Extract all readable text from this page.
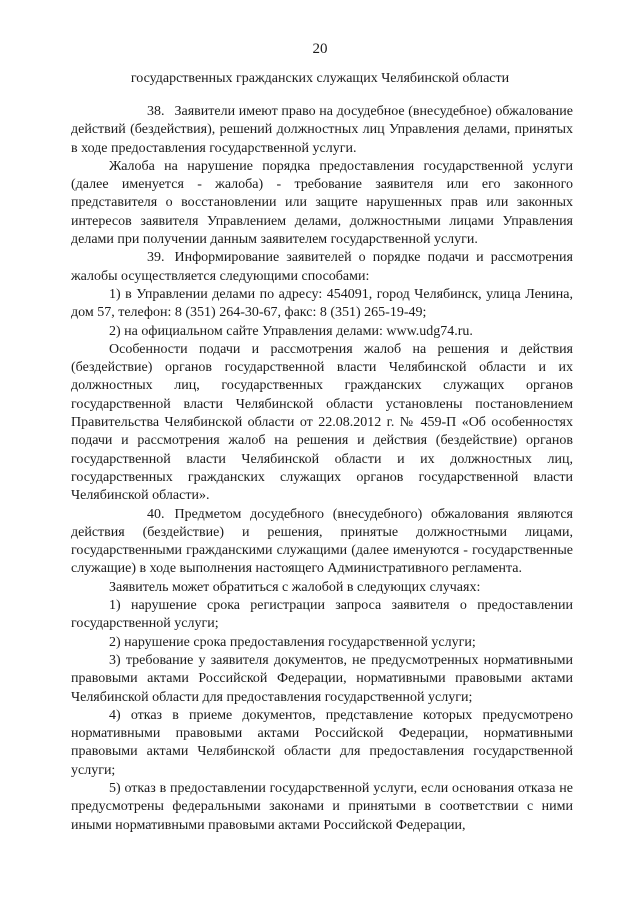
20
государственных гражданских служащих Челябинской области

38. Заявители имеют право на досудебное (внесудебное) обжалование действий (бездействия), решений должностных лиц Управления делами, принятых в ходе предоставления государственной услуги.

Жалоба на нарушение порядка предоставления государственной услуги (далее именуется - жалоба) - требование заявителя или его законного представителя о восстановлении или защите нарушенных прав или законных интересов заявителя Управлением делами, должностными лицами Управления делами при получении данным заявителем государственной услуги.

39. Информирование заявителей о порядке подачи и рассмотрения жалобы осуществляется следующими способами:

1) в Управлении делами по адресу: 454091, город Челябинск, улица Ленина, дом 57, телефон: 8 (351) 264-30-67, факс: 8 (351) 265-19-49;

2) на официальном сайте Управления делами: www.udg74.ru.

Особенности подачи и рассмотрения жалоб на решения и действия (бездействие) органов государственной власти Челябинской области и их должностных лиц, государственных гражданских служащих органов государственной власти Челябинской области установлены постановлением Правительства Челябинской области от 22.08.2012 г. № 459-П «Об особенностях подачи и рассмотрения жалоб на решения и действия (бездействие) органов государственной власти Челябинской области и их должностных лиц, государственных гражданских служащих органов государственной власти Челябинской области».

40. Предметом досудебного (внесудебного) обжалования являются действия (бездействие) и решения, принятые должностными лицами, государственными гражданскими служащими (далее именуются - государственные служащие) в ходе выполнения настоящего Административного регламента.

Заявитель может обратиться с жалобой в следующих случаях:

1) нарушение срока регистрации запроса заявителя о предоставлении государственной услуги;

2) нарушение срока предоставления государственной услуги;

3) требование у заявителя документов, не предусмотренных нормативными правовыми актами Российской Федерации, нормативными правовыми актами Челябинской области для предоставления государственной услуги;

4) отказ в приеме документов, представление которых предусмотрено нормативными правовыми актами Российской Федерации, нормативными правовыми актами Челябинской области для предоставления государственной услуги;

5) отказ в предоставлении государственной услуги, если основания отказа не предусмотрены федеральными законами и принятыми в соответствии с ними иными нормативными правовыми актами Российской Федерации,
